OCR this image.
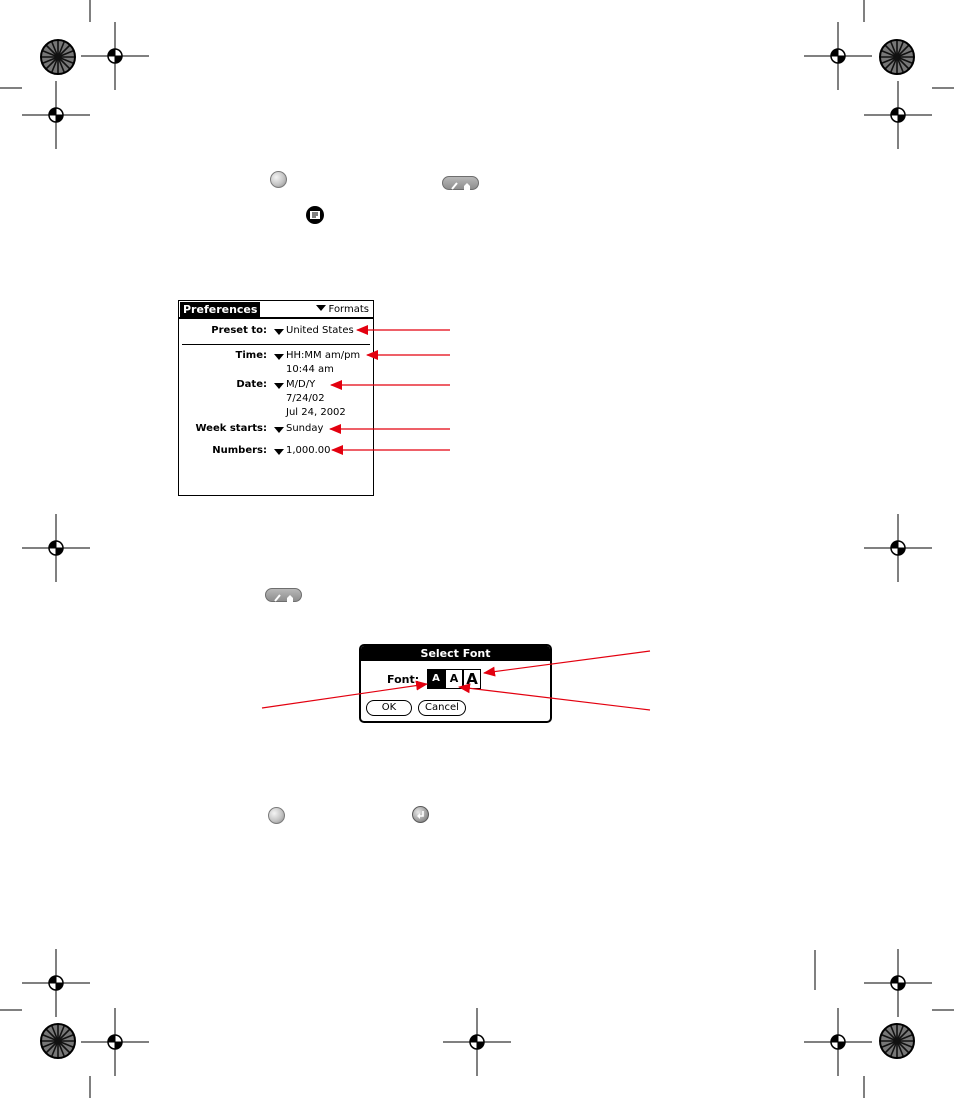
Preferences	Formats
Preset to: United States
Time: HH:MM am/pm
10:44 am
Date: M/D/Y
7/24/02
Jul 24, 2002
Week starts: Sunday
Numbers: 1,000.00
Select Font
Font:	A A A
OK	Cancel
